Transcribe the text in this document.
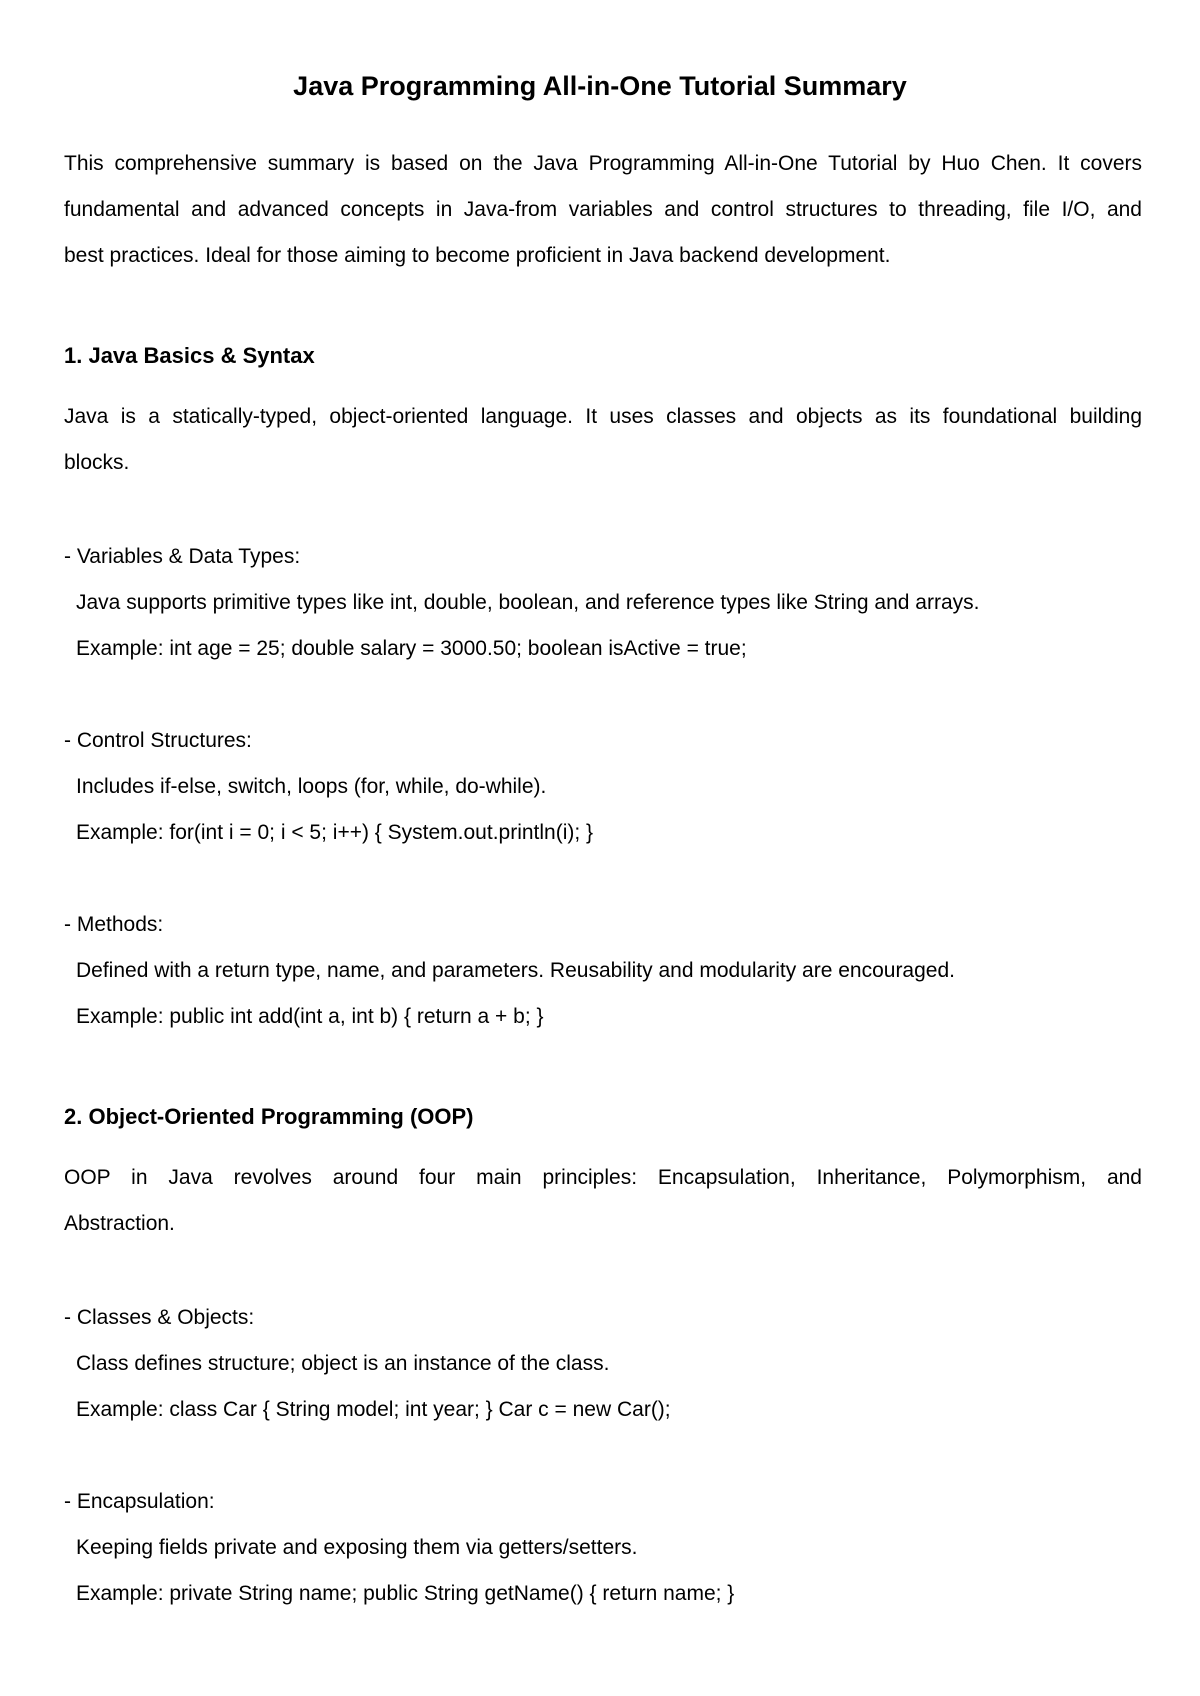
Java Programming All-in-One Tutorial Summary

This comprehensive summary is based on the Java Programming All-in-One Tutorial by Huo Chen. It covers

fundamental and advanced concepts in Java-from variables and control structures to threading, file I/O, and

best practices. Ideal for those aiming to become proficient in Java backend development.

1. Java Basics & Syntax

Java is a statically-typed, object-oriented language. It uses classes and objects as its foundational building

blocks.

- Variables & Data Types:

Java supports primitive types like int, double, boolean, and reference types like String and arrays.

Example: int age = 25; double salary = 3000.50; boolean isActive = true;

- Control Structures:

Includes if-else, switch, loops (for, while, do-while).

Example: for(int i = 0; i < 5; i++) { System.out.println(i); }

- Methods:

Defined with a return type, name, and parameters. Reusability and modularity are encouraged.

Example: public int add(int a, int b) { return a + b; }

2. Object-Oriented Programming (OOP)

OOP in Java revolves around four main principles: Encapsulation, Inheritance, Polymorphism, and

Abstraction.

- Classes & Objects:

Class defines structure; object is an instance of the class.

Example: class Car { String model; int year; } Car c = new Car();

- Encapsulation:

Keeping fields private and exposing them via getters/setters.

Example: private String name; public String getName() { return name; }
